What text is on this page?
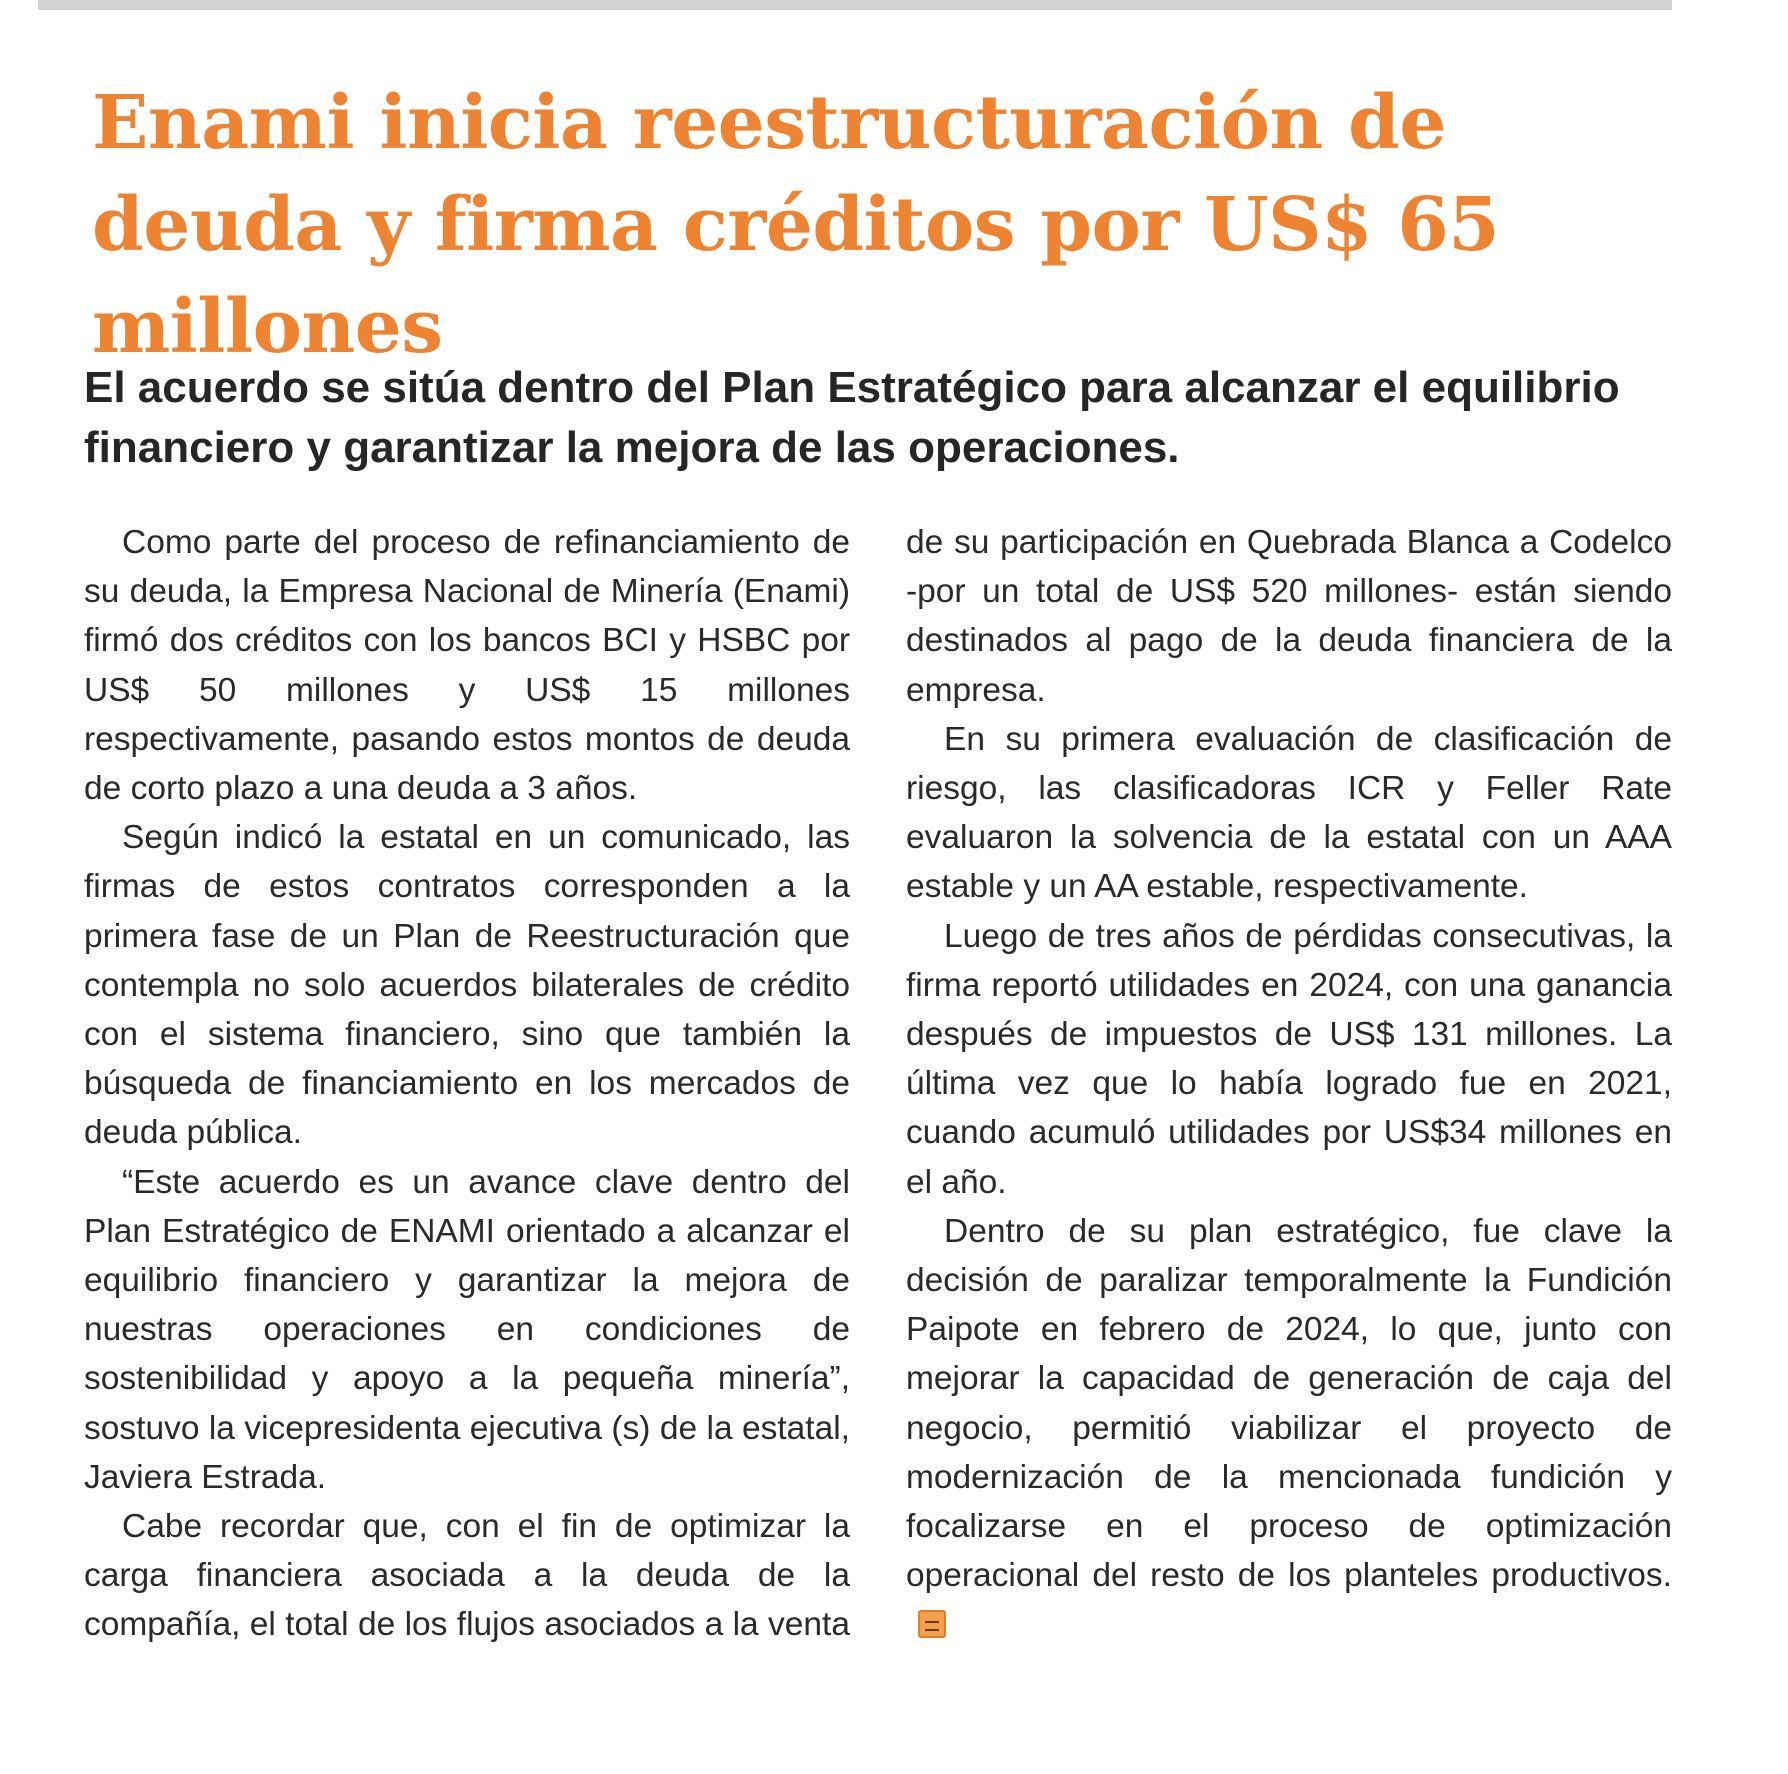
Enami inicia reestructuración de deuda y firma créditos por US$ 65 millones
El acuerdo se sitúa dentro del Plan Estratégico para alcanzar el equilibrio financiero y garantizar la mejora de las operaciones.

Como parte del proceso de refinanciamiento de su deuda, la Empresa Nacional de Minería (Enami) firmó dos créditos con los bancos BCI y HSBC por US$ 50 millones y US$ 15 millones respectivamente, pasando estos montos de deuda de corto plazo a una deuda a 3 años.

Según indicó la estatal en un comunicado, las firmas de estos contratos corresponden a la primera fase de un Plan de Reestructuración que contempla no solo acuerdos bilaterales de crédito con el sistema financiero, sino que también la búsqueda de financiamiento en los mercados de deuda pública.

“Este acuerdo es un avance clave dentro del Plan Estratégico de ENAMI orientado a alcanzar el equilibrio financiero y garantizar la mejora de nuestras operaciones en condiciones de sostenibilidad y apoyo a la pequeña minería”, sostuvo la vicepresidenta ejecutiva (s) de la estatal, Javiera Estrada.

Cabe recordar que, con el fin de optimizar la carga financiera asociada a la deuda de la compañía, el total de los flujos asociados a la venta de su participación en Quebrada Blanca a Codelco -por un total de US$ 520 millones- están siendo destinados al pago de la deuda financiera de la empresa.

En su primera evaluación de clasificación de riesgo, las clasificadoras ICR y Feller Rate evaluaron la solvencia de la estatal con un AAA estable y un AA estable, respectivamente.

Luego de tres años de pérdidas consecutivas, la firma reportó utilidades en 2024, con una ganancia después de impuestos de US$ 131 millones. La última vez que lo había logrado fue en 2021, cuando acumuló utilidades por US$34 millones en el año.

Dentro de su plan estratégico, fue clave la decisión de paralizar temporalmente la Fundición Paipote en febrero de 2024, lo que, junto con mejorar la capacidad de generación de caja del negocio, permitió viabilizar el proyecto de modernización de la mencionada fundición y focalizarse en el proceso de optimización operacional del resto de los planteles productivos.
